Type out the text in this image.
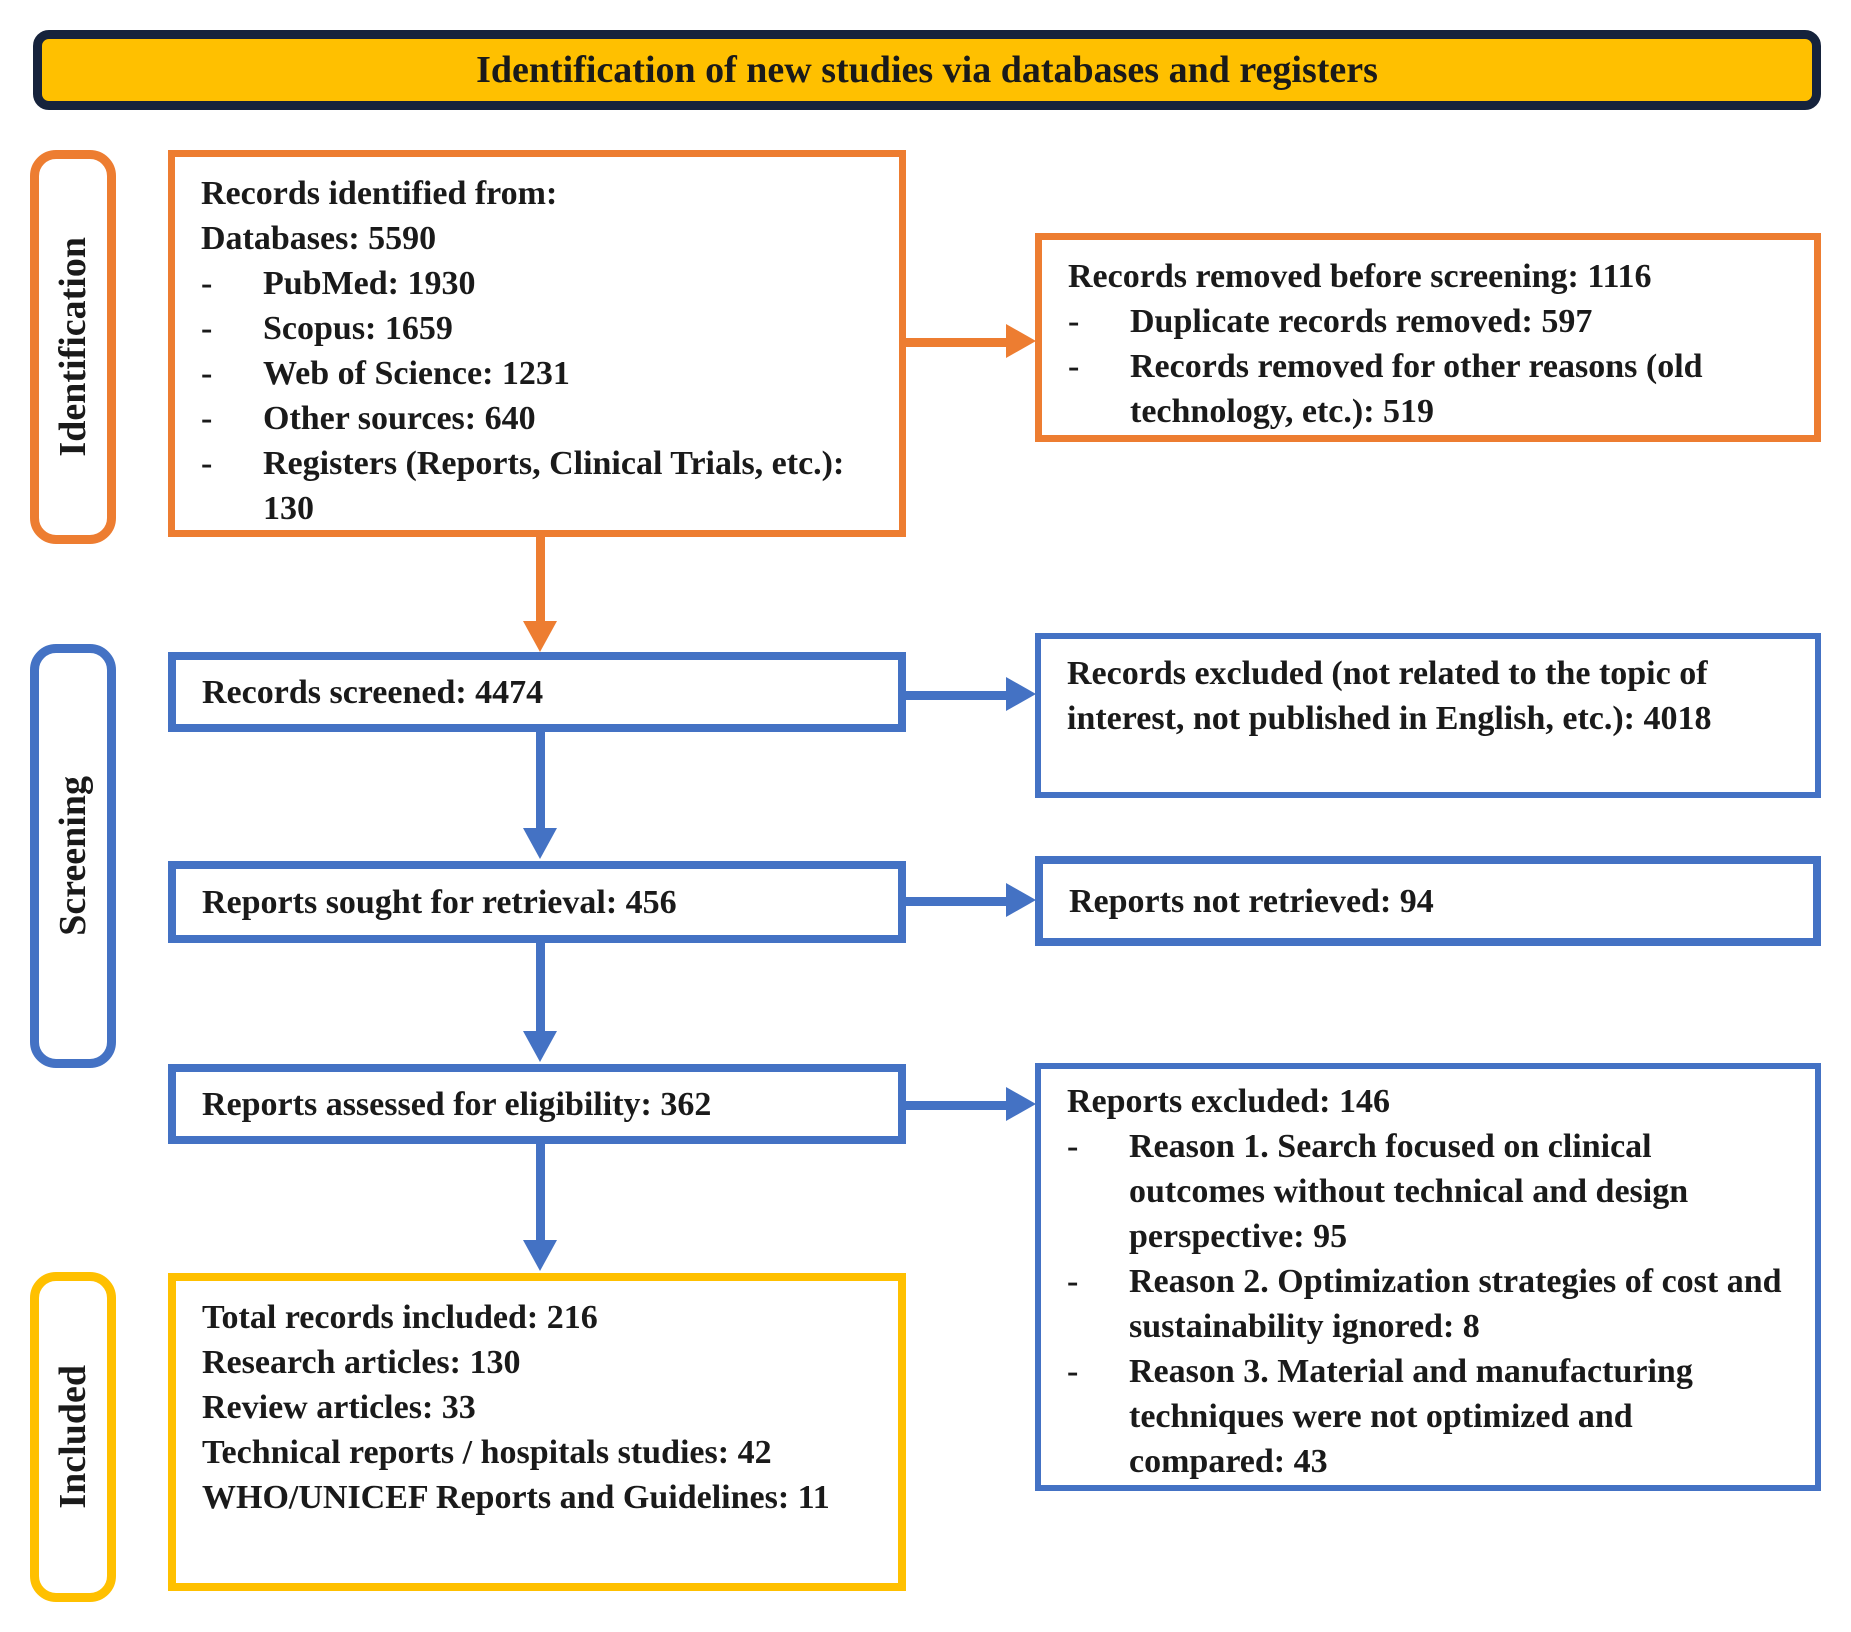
Identification of new studies via databases and registers
Identification
Screening
Included
Records identified from:
Databases: 5590
-	PubMed: 1930
-	Scopus: 1659
-	Web of Science: 1231
-	Other sources: 640
-	Registers (Reports, Clinical Trials, etc.): 130
Records removed before screening: 1116
-	Duplicate records removed: 597
-	Records removed for other reasons (old technology, etc.): 519
Records screened: 4474	Records excluded (not related to the topic of interest, not published in English, etc.): 4018
Reports sought for retrieval: 456	Reports not retrieved: 94
Reports assessed for eligibility: 362	Reports excluded: 146
-	Reason 1. Search focused on clinical outcomes without technical and design perspective: 95
-	Reason 2. Optimization strategies of cost and sustainability ignored: 8
-	Reason 3. Material and manufacturing techniques were not optimized and compared: 43
Total records included: 216
Research articles: 130
Review articles: 33
Technical reports / hospitals studies: 42
WHO/UNICEF Reports and Guidelines: 11
